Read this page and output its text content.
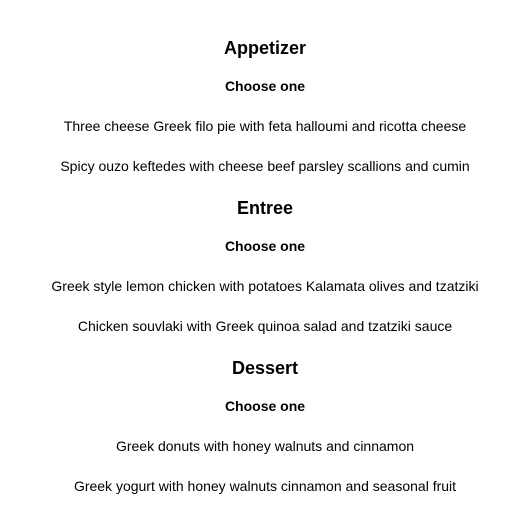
Appetizer
Choose one
Three cheese Greek filo pie with feta halloumi and ricotta cheese
Spicy ouzo keftedes with cheese beef parsley scallions and cumin
Entree
Choose one
Greek style lemon chicken with potatoes Kalamata olives and tzatziki
Chicken souvlaki with Greek quinoa salad and tzatziki sauce
Dessert
Choose one
Greek donuts with honey walnuts and cinnamon
Greek yogurt with honey walnuts cinnamon and seasonal fruit
